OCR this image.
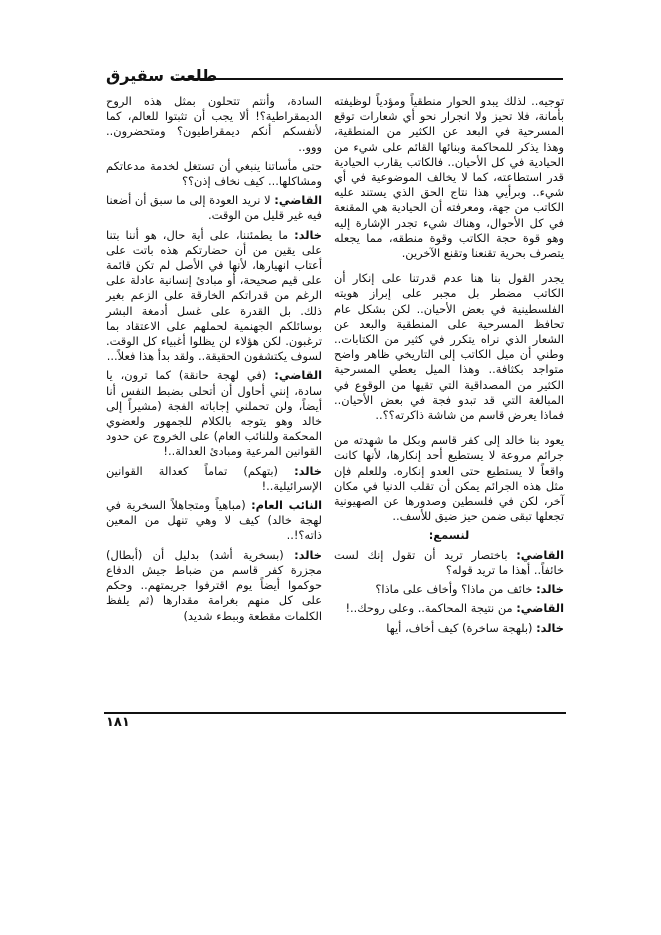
طلعت سقيرق

توجيه.. لذلك يبدو الحوار منطقياً ومؤدياً لوظيفته بأمانة، فلا تحيز ولا انجرار نحو أي شعارات توقع المسرحية في البعد عن الكثير من المنطقية، وهذا يذكر للمحاكمة وبنائها القائم على شيء من الحيادية في كل الأحيان.. فالكاتب يقارب الحيادية قدر استطاعته، كما لا يخالف الموضوعية في أي شيء.. وبرأيي هذا نتاج الحق الذي يستند عليه الكاتب من جهة، ومعرفته أن الحيادية هي المقنعة في كل الأحوال، وهناك شيء تجدر الإشارة إليه وهو قوة حجة الكاتب وقوة منطقه، مما يجعله يتصرف بحرية تقنعنا وتقنع الآخرين.

يجدر القول بنا هنا عدم قدرتنا على إنكار أن الكاتب مضطر بل مجبر على إبراز هويته الفلسطينية في بعض الأحيان.. لكن بشكل عام تحافظ المسرحية على المنطقية والبعد عن الشعار الذي نراه يتكرر في كثير من الكتابات.. وطني أن ميل الكاتب إلى التاريخي ظاهر واضح متواجد بكثافة.. وهذا الميل يعطي المسرحية الكثير من المصداقية التي تقيها من الوقوع في المبالغة التي قد تبدو فجة في بعض الأحيان.. فماذا يعرض قاسم من شاشة ذاكرته؟؟..

يعود بنا خالد إلى كفر قاسم وبكل ما شهدته من جرائم مروعة لا يستطيع أحد إنكارها، لأنها كانت واقعاً لا يستطيع حتى العدو إنكاره. وللعلم فإن مثل هذه الجرائم يمكن أن تقلب الدنيا في مكان آخر، لكن في فلسطين وصدورها عن الصهيونية تجعلها تبقى ضمن حيز ضيق للأسف..

لنسمع:

القاضي: باختصار تريد أن تقول إنك لست خائفاً.. أهذا ما تريد قوله؟

خالد: خائف من ماذا؟ وأخاف على ماذا؟

القاضي: من نتيجة المحاكمة.. وعلى روحك..!

خالد: (بلهجة ساخرة) كيف أخاف، أيها

السادة، وأنتم تتحلون بمثل هذه الروح الديمقراطية؟! ألا يجب أن تثبتوا للعالم، كما لأنفسكم أنكم ديمقراطيون؟ ومتحضرون.. ووو..

حتى مأساتنا ينبغي أن تستغل لخدمة مدعاتكم ومشاكلها... كيف نخاف إذن؟؟

القاضي: لا نريد العودة إلى ما سبق أن أضعنا فيه غير قليل من الوقت.

خالد: ما يطمئننا، على أية حال، هو أننا بتنا على يقين من أن حضارتكم هذه باتت على أعتاب انهيارها، لأنها في الأصل لم تكن قائمة على قيم صحيحة، أو مبادئ إنسانية عادلة على الرغم من قدراتكم الخارقة على الزعم بغير ذلك. بل القدرة على غسل أدمغة البشر بوسائلكم الجهنمية لحملهم على الاعتقاد بما ترغبون. لكن هؤلاء لن يظلوا أغبياء كل الوقت. لسوف يكتشفون الحقيقة.. ولقد بدأ هذا فعلاً...

القاضي: (في لهجة حانقة) كما ترون، يا سادة، إنني أحاول أن أتحلى بضبط النفس أنا أيضاً، ولن تحملني إجاباته الفجة (مشيراً إلى خالد وهو يتوجه بالكلام للجمهور ولعضوي المحكمة وللنائب العام) على الخروج عن حدود القوانين المرعية ومبادئ العدالة..!

خالد: (بتهكم) تماماً كعدالة القوانين الإسرائيلية..!

النائب العام: (مباهياً ومتجاهلاً السخرية في لهجة خالد) كيف لا وهي تنهل من المعين ذاته؟!..

خالد: (بسخرية أشد) بدليل أن (أبطال) مجزرة كفر قاسم من ضباط جيش الدفاع حوكموا أيضاً يوم اقترفوا جريمتهم.. وحكم على كل منهم بغرامة مقدارها (ثم يلفظ الكلمات مقطعة وببطء شديد)

١٨١
